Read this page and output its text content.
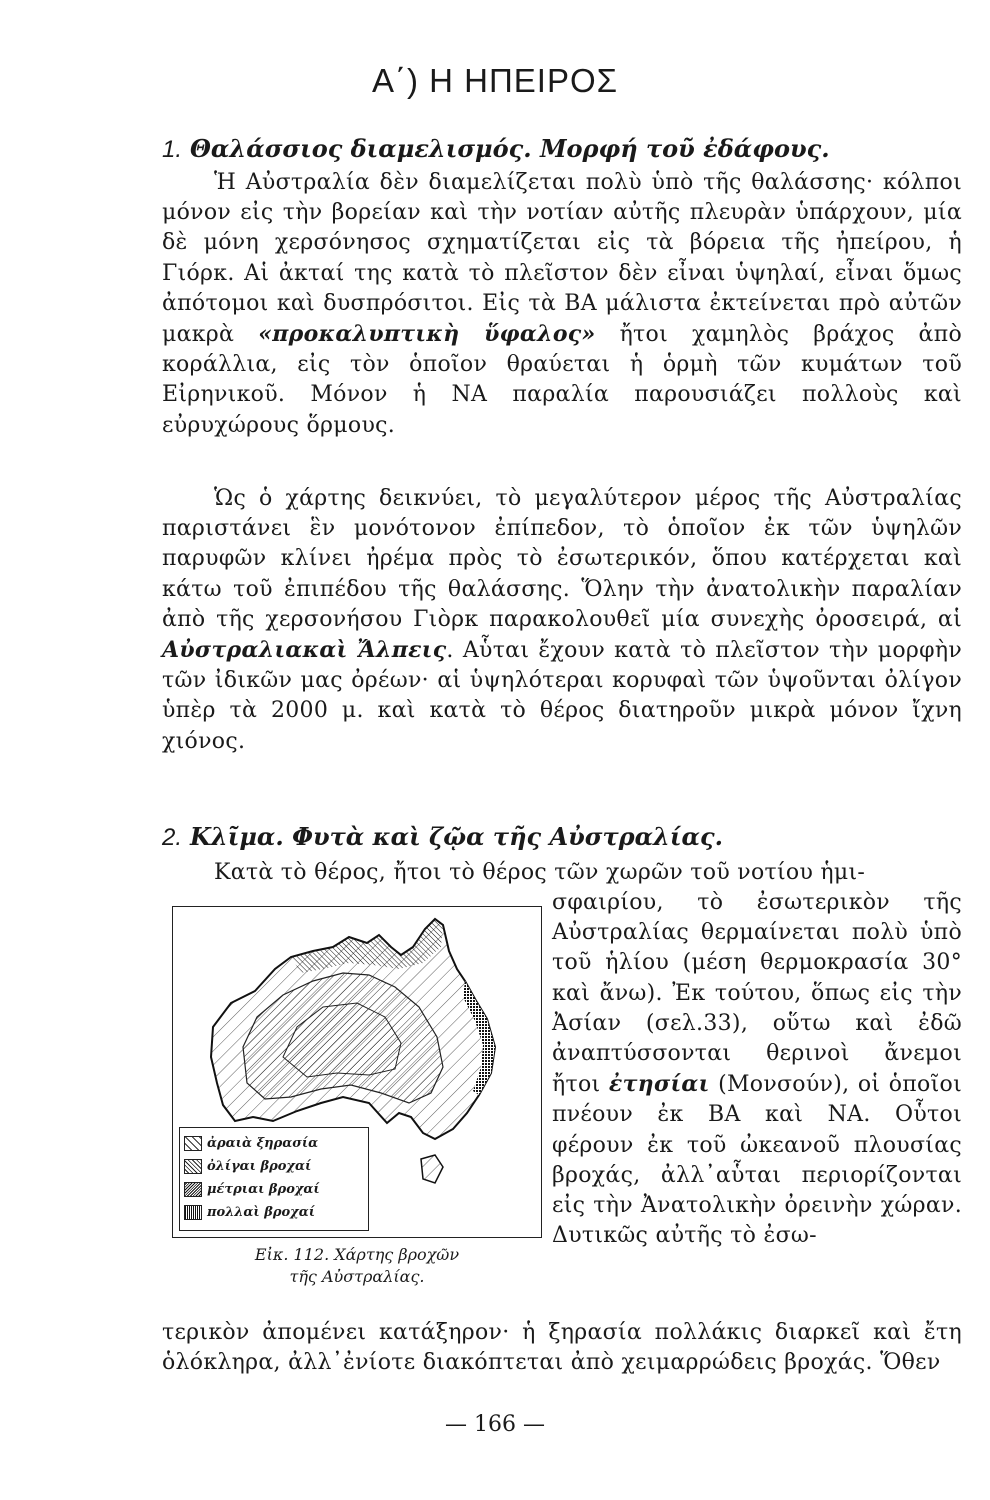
Α΄) Η ΗΠΕΙΡΟΣ
1. Θαλάσσιος διαμελισμός. Μορφή τοῦ ἐδάφους.

Ἡ Αὐστραλία δὲν διαμελίζεται πολὺ ὑπὸ τῆς θαλάσσης· κόλποι μόνον εἰς τὴν βορείαν καὶ τὴν νοτίαν αὐτῆς πλευρὰν ὑπάρχουν, μία δὲ μόνη χερσόνησος σχηματίζεται εἰς τὰ βόρεια τῆς ἠπείρου, ἡ Γιόρκ. Αἱ ἀκταί της κατὰ τὸ πλεῖστον δὲν εἶναι ὑψηλαί, εἶναι ὅμως ἀπότομοι καὶ δυσπρόσιτοι. Εἰς τὰ ΒΑ μάλιστα ἐκτείνεται πρὸ αὐτῶν μακρὰ «προκαλυπτικὴ ὕφαλος» ἤτοι χαμηλὸς βράχος ἀπὸ κοράλλια, εἰς τὸν ὁποῖον θραύεται ἡ ὁρμὴ τῶν κυμάτων τοῦ Εἰρηνικοῦ. Μόνον ἡ ΝΑ παραλία παρουσιάζει πολλοὺς καὶ εὐρυχώρους ὅρμους.

Ὡς ὁ χάρτης δεικνύει, τὸ μεγαλύτερον μέρος τῆς Αὐστραλίας παριστάνει ἓν μονότονον ἐπίπεδον, τὸ ὁποῖον ἐκ τῶν ὑψηλῶν παρυφῶν κλίνει ἠρέμα πρὸς τὸ ἐσωτερικόν, ὅπου κατέρχεται καὶ κάτω τοῦ ἐπιπέδου τῆς θαλάσσης. Ὅλην τὴν ἀνατολικὴν παραλίαν ἀπὸ τῆς χερσονήσου Γιὸρκ παρακολουθεῖ μία συνεχὴς ὀροσειρά, αἱ Αὐστραλιακαὶ Ἄλπεις. Αὗται ἔχουν κατὰ τὸ πλεῖστον τὴν μορφὴν τῶν ἰδικῶν μας ὀρέων· αἱ ὑψηλότεραι κορυφαὶ τῶν ὑψοῦνται ὀλίγον ὑπὲρ τὰ 2000 μ. καὶ κατὰ τὸ θέρος διατηροῦν μικρὰ μόνον ἴχνη χιόνος.

2. Κλῖμα. Φυτὰ καὶ ζῷα τῆς Αὐστραλίας.

Κατὰ τὸ θέρος, ἤτοι τὸ θέρος τῶν χωρῶν τοῦ νοτίου ἡμι-

σφαιρίου, τὸ ἐσωτερικὸν τῆς Αὐστραλίας θερμαίνεται πολὺ ὑπὸ τοῦ ἡλίου (μέση θερμοκρασία 30° καὶ ἄνω). Ἐκ τούτου, ὅπως εἰς τὴν Ἀσίαν (σελ.33), οὕτω καὶ ἐδῶ ἀναπτύσσονται θερινοὶ ἄνεμοι ἤτοι ἐτησίαι (Μονσούν), οἱ ὁποῖοι πνέουν ἐκ ΒΑ καὶ ΝΑ. Οὗτοι φέρουν ἐκ τοῦ ὠκεανοῦ πλουσίας βροχάς, ἀλλ᾽αὗται περιορίζονται εἰς τὴν Ἀνατολικὴν ὀρεινὴν χώραν. Δυτικῶς αὐτῆς τὸ ἐσω-

τερικὸν ἀπομένει κατάξηρον· ἡ ξηρασία πολλάκις διαρκεῖ καὶ ἔτη ὁλόκληρα, ἀλλ᾽ἐνίοτε διακόπτεται ἀπὸ χειμαρρώδεις βροχάς. Ὅθεν

ἀραιὰ ξηρασία
ὀλίγαι βροχαί
μέτριαι βροχαί
πολλαὶ βροχαί

Εἰκ. 112. Χάρτης βροχῶν
τῆς Αὐστραλίας.

— 166 —
